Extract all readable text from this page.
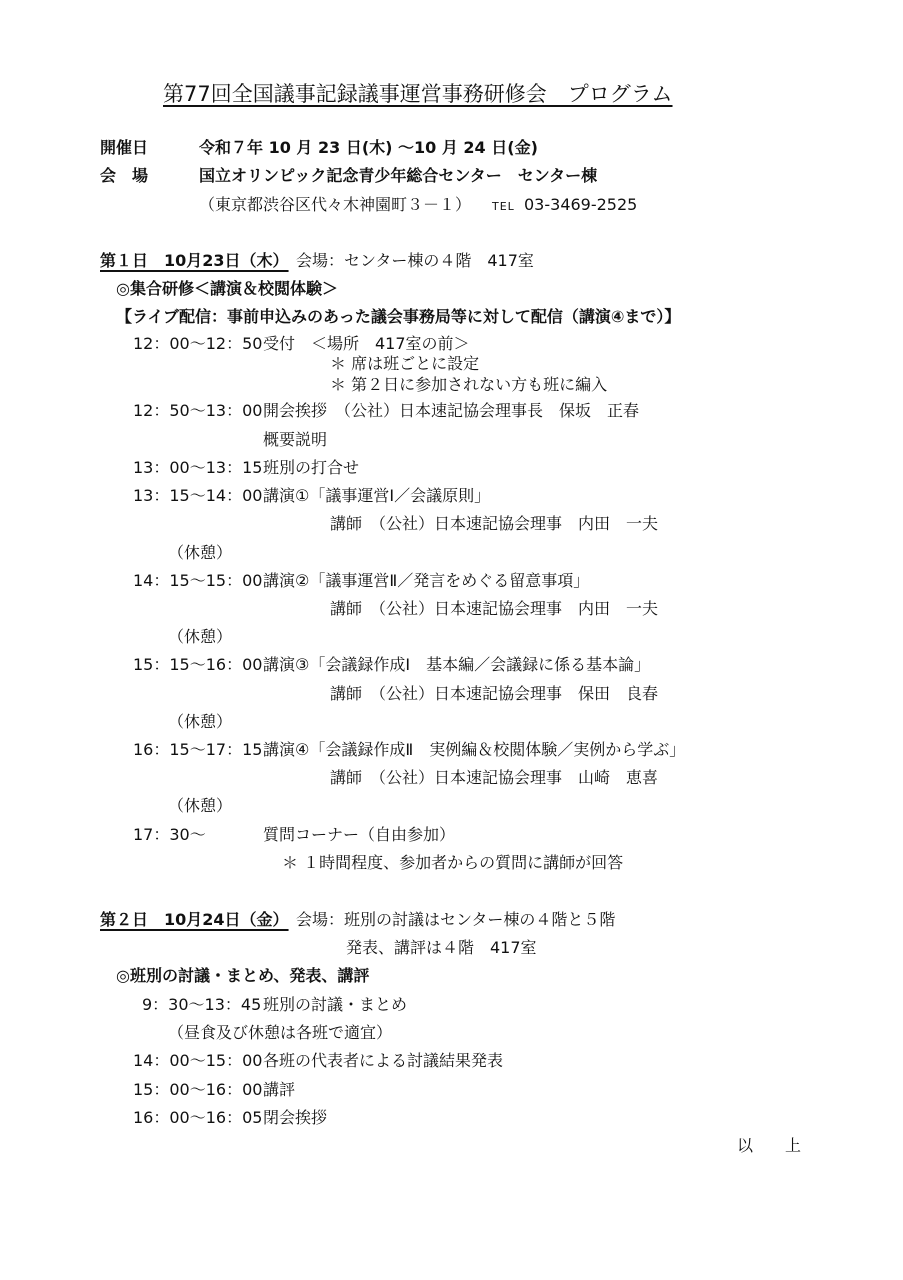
第77回全国議事記録議事運営事務研修会　プログラム
開催日	令和７年 10 月 23 日(木) ～10 月 24 日(金)
会　場	国立オリンピック記念青少年総合センター　センター棟
（東京都渋谷区代々木神園町３－１） TEL 03-3469-2525
第１日　10月23日（木） 会場：センター棟の４階　417室
◎集合研修＜講演＆校閲体験＞
【ライブ配信：事前申込みのあった議会事務局等に対して配信（講演④まで）】
12：00～12：50 受付　＜場所　417室の前＞
＊ 席は班ごとに設定
＊ 第２日に参加されない方も班に編入
12：50～13：00 開会挨拶　（公社）日本速記協会理事長　保坂　正春
概要説明
13：00～13：15 班別の打合せ
13：15～14：00 講演①「議事運営Ⅰ／会議原則」
講師　（公社）日本速記協会理事　内田　一夫
（休憩）
14：15～15：00 講演②「議事運営Ⅱ／発言をめぐる留意事項」
講師　（公社）日本速記協会理事　内田　一夫
（休憩）
15：15～16：00 講演③「会議録作成Ⅰ　基本編／会議録に係る基本論」
講師　（公社）日本速記協会理事　保田　良春
（休憩）
16：15～17：15 講演④「会議録作成Ⅱ　実例編＆校閲体験／実例から学ぶ」
講師　（公社）日本速記協会理事　山崎　恵喜
（休憩）
17：30～	質問コーナー（自由参加）
＊ １時間程度、参加者からの質問に講師が回答
第２日　10月24日（金） 会場：班別の討議はセンター棟の４階と５階
発表、講評は４階　417室
◎班別の討議・まとめ、発表、講評
9：30～13：45 班別の討議・まとめ
（昼食及び休憩は各班で適宜）
14：00～15：00 各班の代表者による討議結果発表
15：00～16：00 講評
16：00～16：05 閉会挨拶
以　　上
